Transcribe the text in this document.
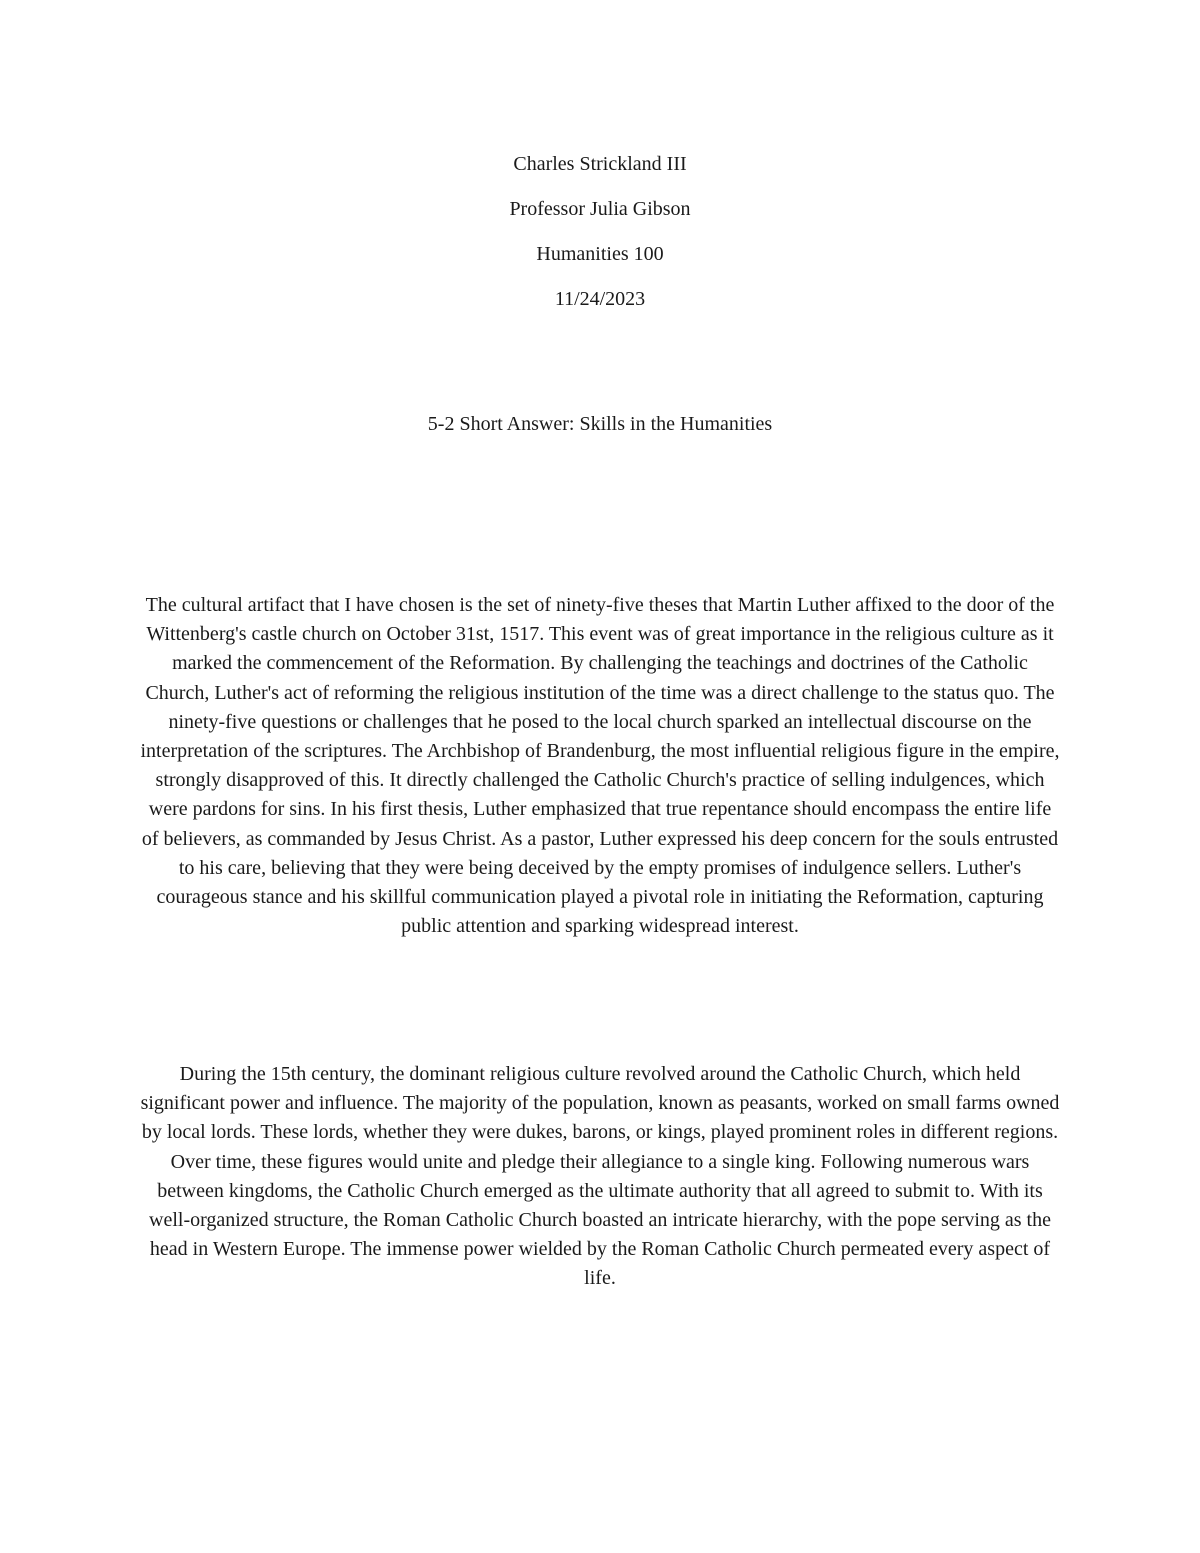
Charles Strickland III
Professor Julia Gibson
Humanities 100
11/24/2023
5-2 Short Answer: Skills in the Humanities

The cultural artifact that I have chosen is the set of ninety-five theses that Martin Luther affixed to the door of the Wittenberg's castle church on October 31st, 1517. This event was of great importance in the religious culture as it marked the commencement of the Reformation. By challenging the teachings and doctrines of the Catholic Church, Luther's act of reforming the religious institution of the time was a direct challenge to the status quo. The ninety-five questions or challenges that he posed to the local church sparked an intellectual discourse on the interpretation of the scriptures. The Archbishop of Brandenburg, the most influential religious figure in the empire, strongly disapproved of this. It directly challenged the Catholic Church's practice of selling indulgences, which were pardons for sins. In his first thesis, Luther emphasized that true repentance should encompass the entire life of believers, as commanded by Jesus Christ. As a pastor, Luther expressed his deep concern for the souls entrusted to his care, believing that they were being deceived by the empty promises of indulgence sellers. Luther's courageous stance and his skillful communication played a pivotal role in initiating the Reformation, capturing public attention and sparking widespread interest.

During the 15th century, the dominant religious culture revolved around the Catholic Church, which held significant power and influence. The majority of the population, known as peasants, worked on small farms owned by local lords. These lords, whether they were dukes, barons, or kings, played prominent roles in different regions. Over time, these figures would unite and pledge their allegiance to a single king. Following numerous wars between kingdoms, the Catholic Church emerged as the ultimate authority that all agreed to submit to. With its well-organized structure, the Roman Catholic Church boasted an intricate hierarchy, with the pope serving as the head in Western Europe. The immense power wielded by the Roman Catholic Church permeated every aspect of life.
